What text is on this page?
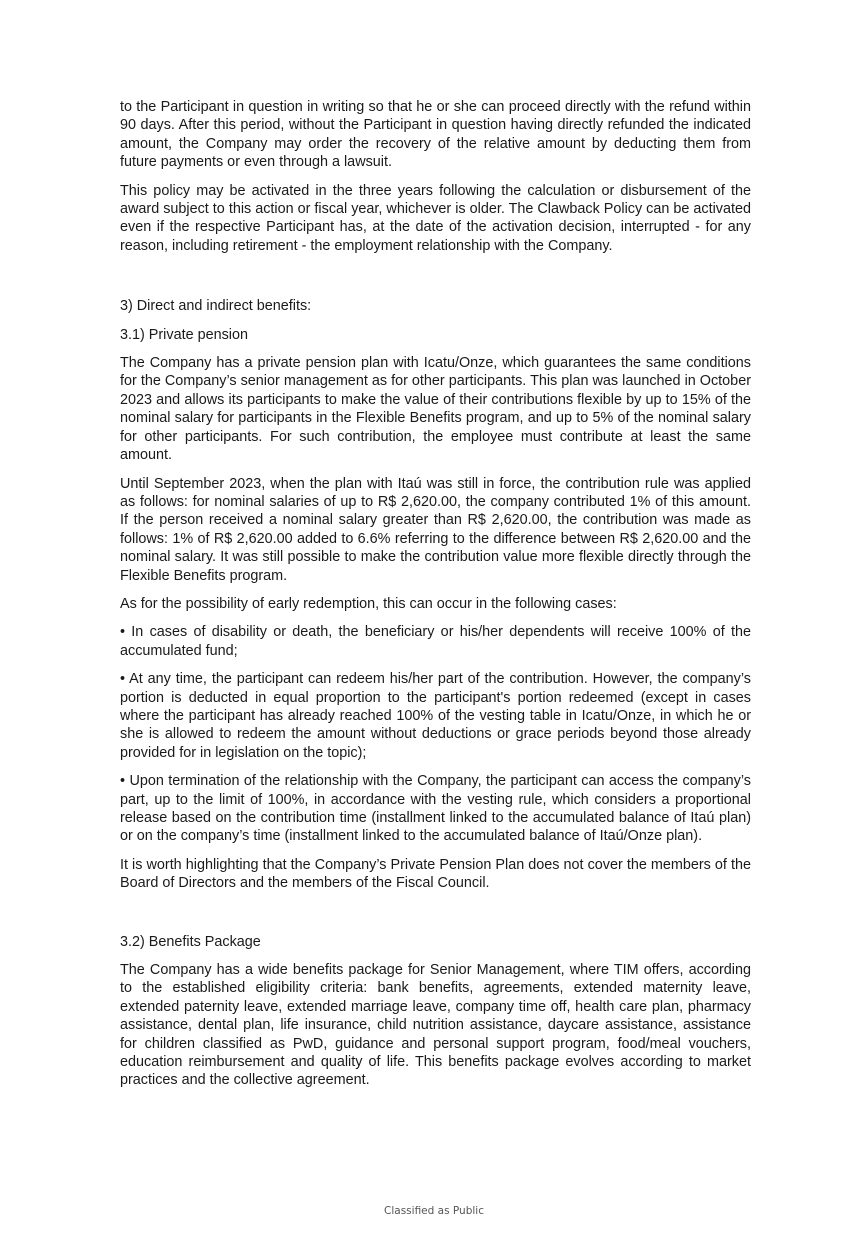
to the Participant in question in writing so that he or she can proceed directly with the refund within 90 days. After this period, without the Participant in question having directly refunded the indicated amount, the Company may order the recovery of the relative amount by deducting them from future payments or even through a lawsuit.

This policy may be activated in the three years following the calculation or disbursement of the award subject to this action or fiscal year, whichever is older. The Clawback Policy can be activated even if the respective Participant has, at the date of the activation decision, interrupted - for any reason, including retirement - the employment relationship with the Company.

3) Direct and indirect benefits:

3.1) Private pension

The Company has a private pension plan with Icatu/Onze, which guarantees the same conditions for the Company’s senior management as for other participants. This plan was launched in October 2023 and allows its participants to make the value of their contributions flexible by up to 15% of the nominal salary for participants in the Flexible Benefits program, and up to 5% of the nominal salary for other participants. For such contribution, the employee must contribute at least the same amount.

Until September 2023, when the plan with Itaú was still in force, the contribution rule was applied as follows: for nominal salaries of up to R$ 2,620.00, the company contributed 1% of this amount. If the person received a nominal salary greater than R$ 2,620.00, the contribution was made as follows: 1% of R$ 2,620.00 added to 6.6% referring to the difference between R$ 2,620.00 and the nominal salary. It was still possible to make the contribution value more flexible directly through the Flexible Benefits program.

As for the possibility of early redemption, this can occur in the following cases:

• In cases of disability or death, the beneficiary or his/her dependents will receive 100% of the accumulated fund;

• At any time, the participant can redeem his/her part of the contribution. However, the company’s portion is deducted in equal proportion to the participant's portion redeemed (except in cases where the participant has already reached 100% of the vesting table in Icatu/Onze, in which he or she is allowed to redeem the amount without deductions or grace periods beyond those already provided for in legislation on the topic);

• Upon termination of the relationship with the Company, the participant can access the company’s part, up to the limit of 100%, in accordance with the vesting rule, which considers a proportional release based on the contribution time (installment linked to the accumulated balance of Itaú plan) or on the company’s time (installment linked to the accumulated balance of Itaú/Onze plan).

It is worth highlighting that the Company’s Private Pension Plan does not cover the members of the Board of Directors and the members of the Fiscal Council.

3.2) Benefits Package

The Company has a wide benefits package for Senior Management, where TIM offers, according to the established eligibility criteria: bank benefits, agreements, extended maternity leave, extended paternity leave, extended marriage leave, company time off, health care plan, pharmacy assistance, dental plan, life insurance, child nutrition assistance, daycare assistance, assistance for children classified as PwD, guidance and personal support program, food/meal vouchers, education reimbursement and quality of life. This benefits package evolves according to market practices and the collective agreement.

Classified as Public
